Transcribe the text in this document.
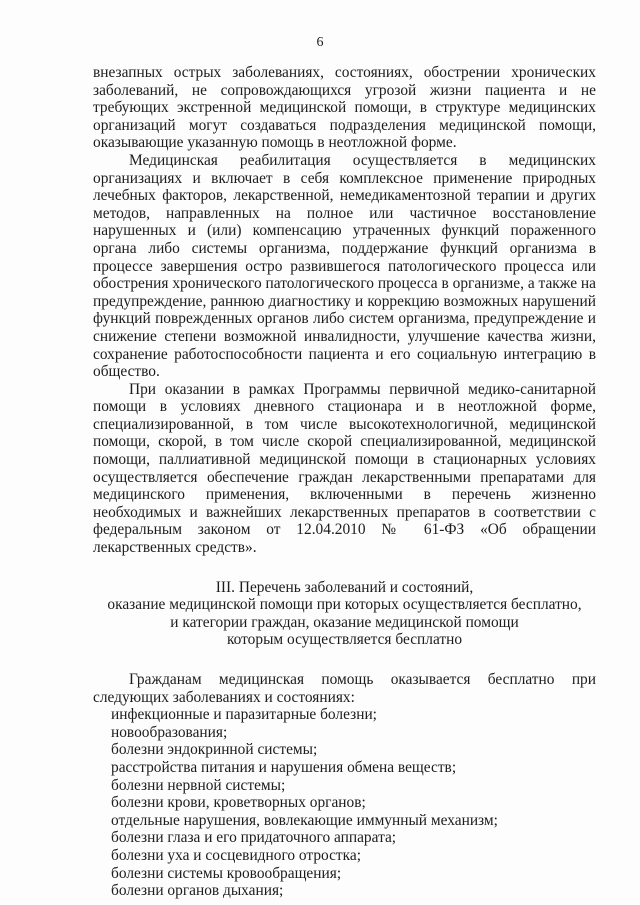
6

внезапных острых заболеваниях, состояниях, обострении хронических заболеваний, не сопровождающихся угрозой жизни пациента и не требующих экстренной медицинской помощи, в структуре медицинских организаций могут создаваться подразделения медицинской помощи, оказывающие указанную помощь в неотложной форме.

Медицинская реабилитация осуществляется в медицинских организациях и включает в себя комплексное применение природных лечебных факторов, лекарственной, немедикаментозной терапии и других методов, направленных на полное или частичное восстановление нарушенных и (или) компенсацию утраченных функций пораженного органа либо системы организма, поддержание функций организма в процессе завершения остро развившегося патологического процесса или обострения хронического патологического процесса в организме, а также на предупреждение, раннюю диагностику и коррекцию возможных нарушений функций поврежденных органов либо систем организма, предупреждение и снижение степени возможной инвалидности, улучшение качества жизни, сохранение работоспособности пациента и его социальную интеграцию в общество.

При оказании в рамках Программы первичной медико-санитарной помощи в условиях дневного стационара и в неотложной форме, специализированной, в том числе высокотехнологичной, медицинской помощи, скорой, в том числе скорой специализированной, медицинской помощи, паллиативной медицинской помощи в стационарных условиях осуществляется обеспечение граждан лекарственными препаратами для медицинского применения, включенными в перечень жизненно необходимых и важнейших лекарственных препаратов в соответствии с федеральным законом от 12.04.2010 № 61-ФЗ «Об обращении лекарственных средств».

III. Перечень заболеваний и состояний,
оказание медицинской помощи при которых осуществляется бесплатно,
и категории граждан, оказание медицинской помощи
которым осуществляется бесплатно

Гражданам медицинская помощь оказывается бесплатно при следующих заболеваниях и состояниях:

инфекционные и паразитарные болезни;
новообразования;
болезни эндокринной системы;
расстройства питания и нарушения обмена веществ;
болезни нервной системы;
болезни крови, кроветворных органов;
отдельные нарушения, вовлекающие иммунный механизм;
болезни глаза и его придаточного аппарата;
болезни уха и сосцевидного отростка;
болезни системы кровообращения;
болезни органов дыхания;
